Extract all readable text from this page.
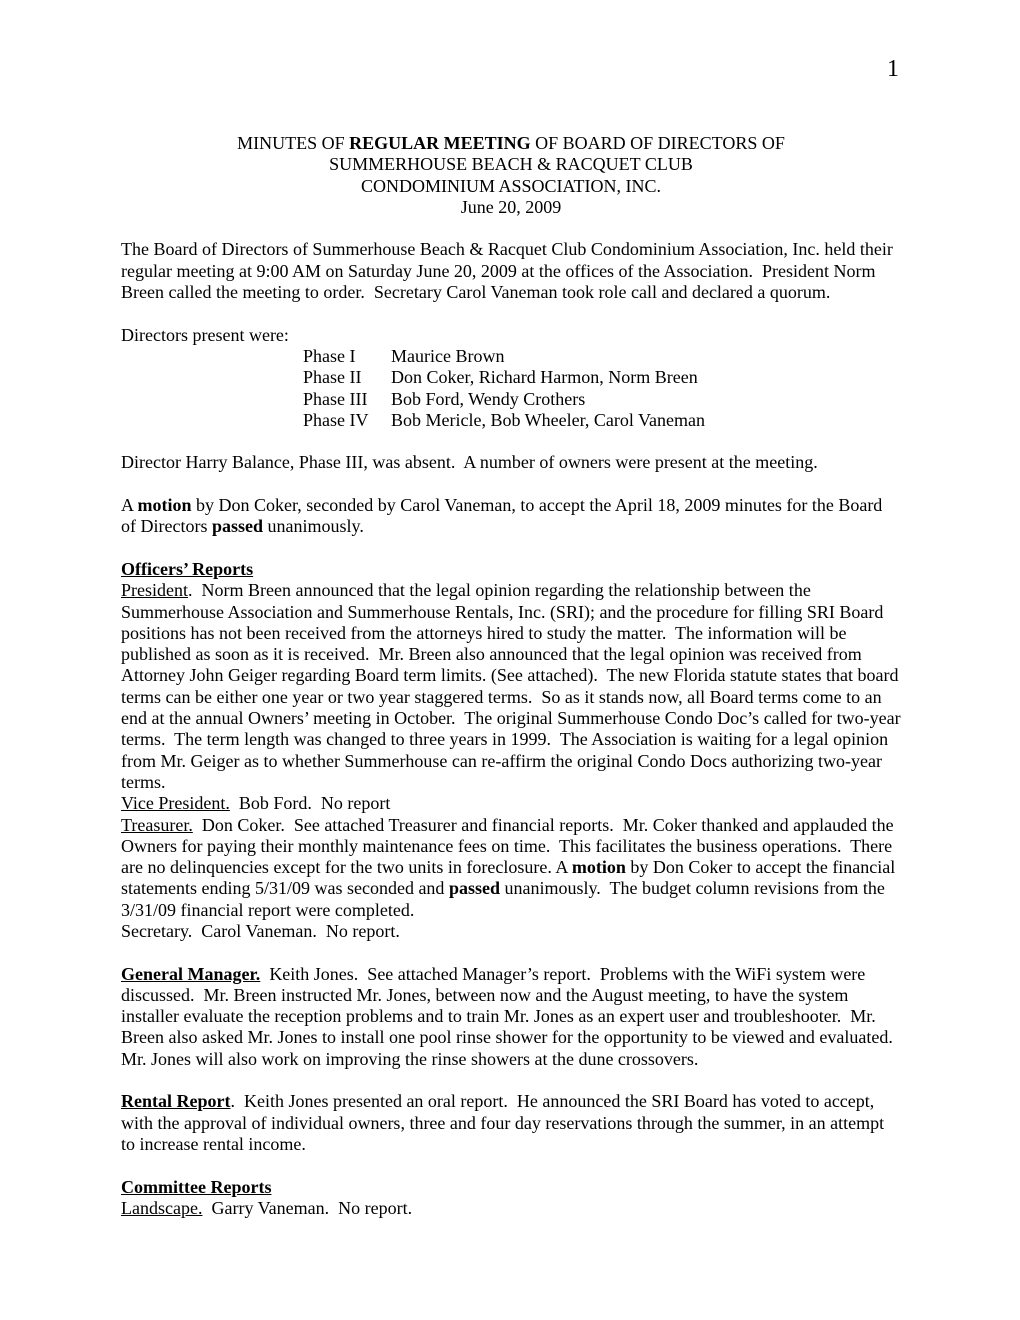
1

MINUTES OF REGULAR MEETING OF BOARD OF DIRECTORS OF

SUMMERHOUSE BEACH & RACQUET CLUB

CONDOMINIUM ASSOCIATION, INC.

June 20, 2009

The Board of Directors of Summerhouse Beach & Racquet Club Condominium Association, Inc. held their regular meeting at 9:00 AM on Saturday June 20, 2009 at the offices of the Association.  President Norm Breen called the meeting to order.  Secretary Carol Vaneman took role call and declared a quorum.

Directors present were:

Phase I Maurice Brown

Phase II Don Coker, Richard Harmon, Norm Breen

Phase III Bob Ford, Wendy Crothers

Phase IV Bob Mericle, Bob Wheeler, Carol Vaneman

Director Harry Balance, Phase III, was absent.  A number of owners were present at the meeting.

A motion by Don Coker, seconded by Carol Vaneman, to accept the April 18, 2009 minutes for the Board of Directors passed unanimously.

Officers’ Reports

President.  Norm Breen announced that the legal opinion regarding the relationship between the Summerhouse Association and Summerhouse Rentals, Inc. (SRI); and the procedure for filling SRI Board positions has not been received from the attorneys hired to study the matter.  The information will be published as soon as it is received.  Mr. Breen also announced that the legal opinion was received from Attorney John Geiger regarding Board term limits. (See attached).  The new Florida statute states that board terms can be either one year or two year staggered terms.  So as it stands now, all Board terms come to an end at the annual Owners’ meeting in October.  The original Summerhouse Condo Doc’s called for two-year terms.  The term length was changed to three years in 1999.  The Association is waiting for a legal opinion from Mr. Geiger as to whether Summerhouse can re-affirm the original Condo Docs authorizing two-year terms.

Vice President.  Bob Ford.  No report

Treasurer.  Don Coker.  See attached Treasurer and financial reports.  Mr. Coker thanked and applauded the Owners for paying their monthly maintenance fees on time.  This facilitates the business operations.  There are no delinquencies except for the two units in foreclosure. A motion by Don Coker to accept the financial statements ending 5/31/09 was seconded and passed unanimously.  The budget column revisions from the 3/31/09 financial report were completed.

Secretary.  Carol Vaneman.  No report.

General Manager.  Keith Jones.  See attached Manager’s report.  Problems with the WiFi system were discussed.  Mr. Breen instructed Mr. Jones, between now and the August meeting, to have the system installer evaluate the reception problems and to train Mr. Jones as an expert user and troubleshooter.  Mr. Breen also asked Mr. Jones to install one pool rinse shower for the opportunity to be viewed and evaluated.  Mr. Jones will also work on improving the rinse showers at the dune crossovers.

Rental Report.  Keith Jones presented an oral report.  He announced the SRI Board has voted to accept, with the approval of individual owners, three and four day reservations through the summer, in an attempt to increase rental income.

Committee Reports

Landscape.  Garry Vaneman.  No report.
